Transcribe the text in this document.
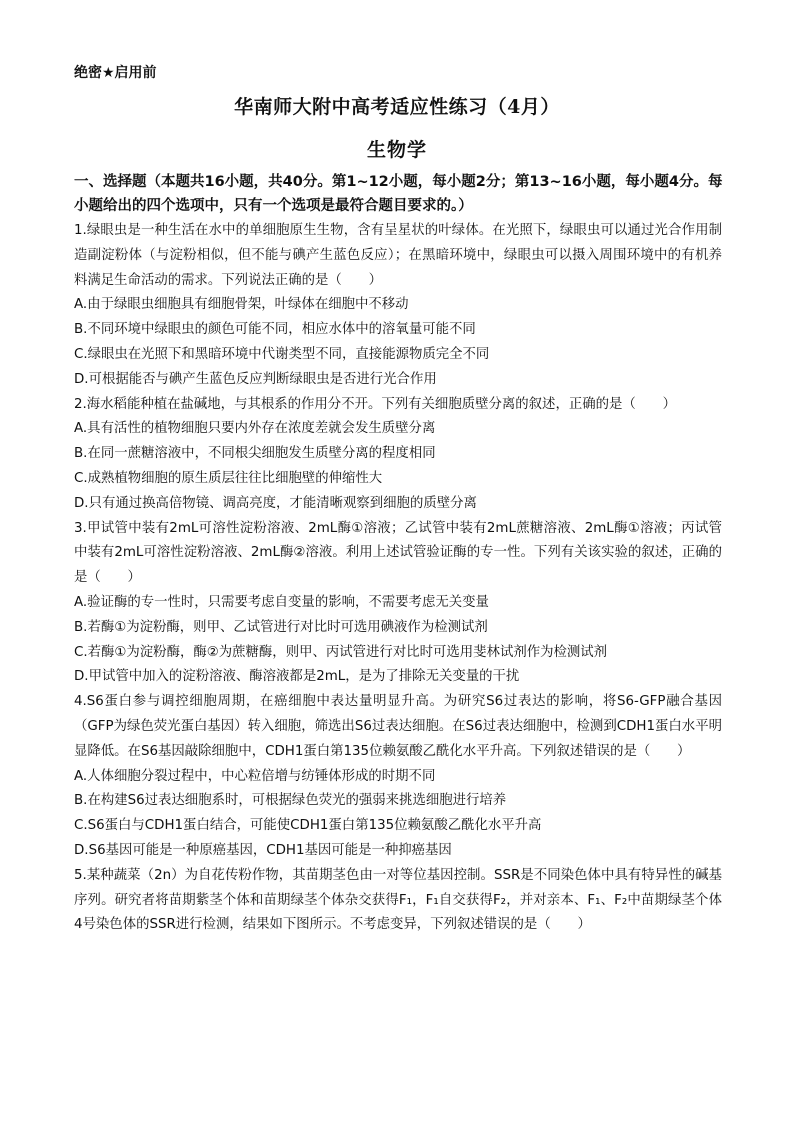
绝密★启用前
华南师大附中高考适应性练习（4月）
生物学
一、选择题（本题共16小题，共40分。第1~12小题，每小题2分；第13~16小题，每小题4分。每小题给出的四个选项中，只有一个选项是最符合题目要求的。）

1.绿眼虫是一种生活在水中的单细胞原生生物，含有呈星状的叶绿体。在光照下，绿眼虫可以通过光合作用制造副淀粉体（与淀粉相似，但不能与碘产生蓝色反应）；在黑暗环境中，绿眼虫可以摄入周围环境中的有机养料满足生命活动的需求。下列说法正确的是（　　）

A.由于绿眼虫细胞具有细胞骨架，叶绿体在细胞中不移动

B.不同环境中绿眼虫的颜色可能不同，相应水体中的溶氧量可能不同

C.绿眼虫在光照下和黑暗环境中代谢类型不同，直接能源物质完全不同

D.可根据能否与碘产生蓝色反应判断绿眼虫是否进行光合作用

2.海水稻能种植在盐碱地，与其根系的作用分不开。下列有关细胞质壁分离的叙述，正确的是（　　）

A.具有活性的植物细胞只要内外存在浓度差就会发生质壁分离

B.在同一蔗糖溶液中，不同根尖细胞发生质壁分离的程度相同

C.成熟植物细胞的原生质层往往比细胞壁的伸缩性大

D.只有通过换高倍物镜、调高亮度，才能清晰观察到细胞的质壁分离

3.甲试管中装有2mL可溶性淀粉溶液、2mL酶①溶液；乙试管中装有2mL蔗糖溶液、2mL酶①溶液；丙试管中装有2mL可溶性淀粉溶液、2mL酶②溶液。利用上述试管验证酶的专一性。下列有关该实验的叙述，正确的是（　　）

A.验证酶的专一性时，只需要考虑自变量的影响，不需要考虑无关变量

B.若酶①为淀粉酶，则甲、乙试管进行对比时可选用碘液作为检测试剂

C.若酶①为淀粉酶，酶②为蔗糖酶，则甲、丙试管进行对比时可选用斐林试剂作为检测试剂

D.甲试管中加入的淀粉溶液、酶溶液都是2mL，是为了排除无关变量的干扰

4.S6蛋白参与调控细胞周期，在癌细胞中表达量明显升高。为研究S6过表达的影响，将S6-GFP融合基因（GFP为绿色荧光蛋白基因）转入细胞，筛选出S6过表达细胞。在S6过表达细胞中，检测到CDH1蛋白水平明显降低。在S6基因敲除细胞中，CDH1蛋白第135位赖氨酸乙酰化水平升高。下列叙述错误的是（　　）

A.人体细胞分裂过程中，中心粒倍增与纺锤体形成的时期不同

B.在构建S6过表达细胞系时，可根据绿色荧光的强弱来挑选细胞进行培养

C.S6蛋白与CDH1蛋白结合，可能使CDH1蛋白第135位赖氨酸乙酰化水平升高

D.S6基因可能是一种原癌基因，CDH1基因可能是一种抑癌基因

5.某种蔬菜（2n）为自花传粉作物，其苗期茎色由一对等位基因控制。SSR是不同染色体中具有特异性的碱基序列。研究者将苗期紫茎个体和苗期绿茎个体杂交获得F₁，F₁自交获得F₂，并对亲本、F₁、F₂中苗期绿茎个体4号染色体的SSR进行检测，结果如下图所示。不考虑变异，下列叙述错误的是（　　）
